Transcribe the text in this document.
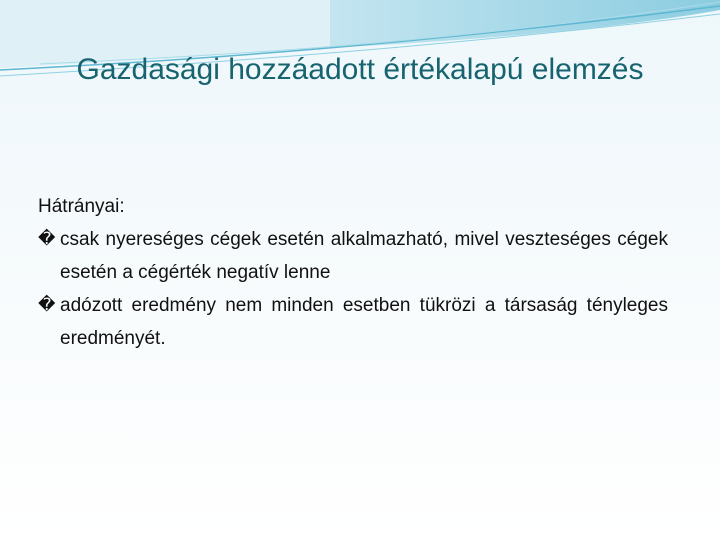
Gazdasági hozzáadott értékalapú elemzés

Hátrányai:

� csak nyereséges cégek esetén alkalmazható, mivel veszteséges cégek esetén a cégérték negatív lenne

� adózott eredmény nem minden esetben tükrözi a társaság tényleges eredményét.
